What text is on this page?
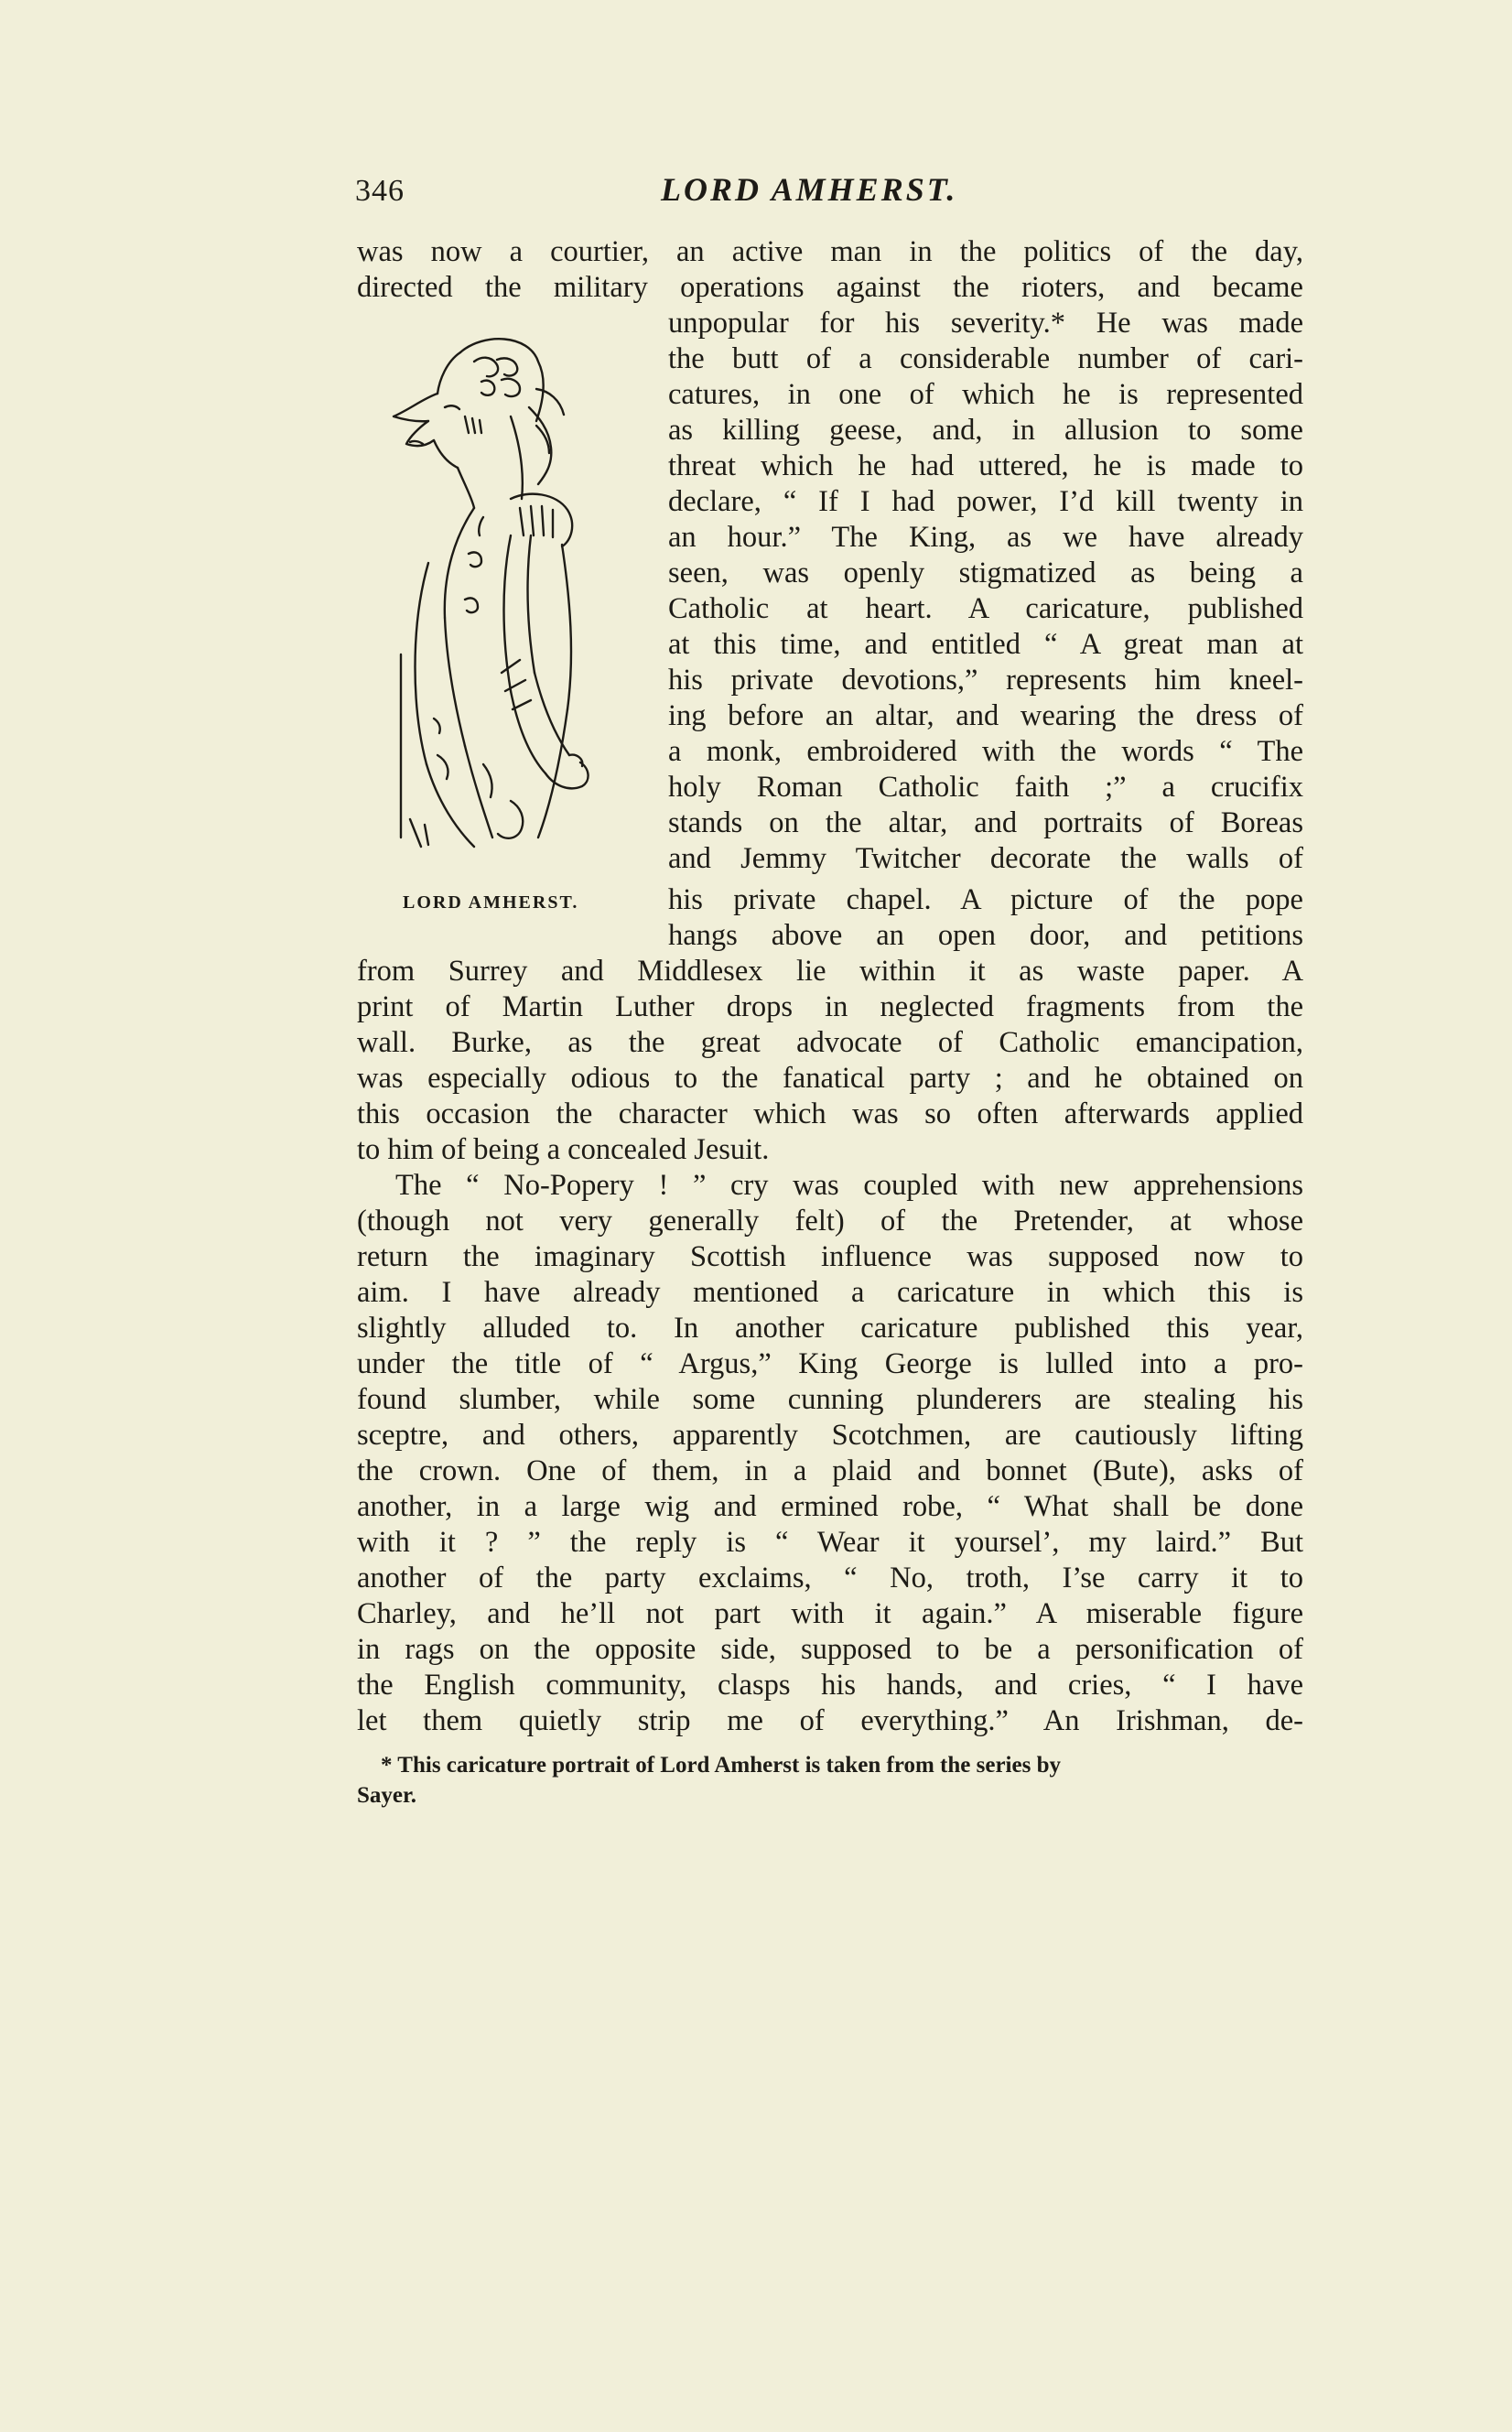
346	LORD AMHERST.
LORD AMHERST.
was now a courtier, an active man in the politics of the day,
directed the military operations against the rioters, and became
unpopular for his severity.* He was made
the butt of a considerable number of cari-
catures, in one of which he is represented
as killing geese, and, in allusion to some
threat which he had uttered, he is made to
declare, “ If I had power, I’d kill twenty in
an hour.” The King, as we have already
seen, was openly stigmatized as being a
Catholic at heart. A caricature, published
at this time, and entitled “ A great man at
his private devotions,” represents him kneel-
ing before an altar, and wearing the dress of
a monk, embroidered with the words “ The
holy Roman Catholic faith ;” a crucifix
stands on the altar, and portraits of Boreas
and Jemmy Twitcher decorate the walls of
his private chapel. A picture of the pope
hangs above an open door, and petitions
from Surrey and Middlesex lie within it as waste paper. A
print of Martin Luther drops in neglected fragments from the
wall. Burke, as the great advocate of Catholic emancipation,
was especially odious to the fanatical party ; and he obtained on
this occasion the character which was so often afterwards applied
to him of being a concealed Jesuit.
The “ No-Popery ! ” cry was coupled with new apprehensions
(though not very generally felt) of the Pretender, at whose
return the imaginary Scottish influence was supposed now to
aim. I have already mentioned a caricature in which this is
slightly alluded to. In another caricature published this year,
under the title of “ Argus,” King George is lulled into a pro-
found slumber, while some cunning plunderers are stealing his
sceptre, and others, apparently Scotchmen, are cautiously lifting
the crown. One of them, in a plaid and bonnet (Bute), asks of
another, in a large wig and ermined robe, “ What shall be done
with it ? ” the reply is “ Wear it yoursel’, my laird.” But
another of the party exclaims, “ No, troth, I’se carry it to
Charley, and he’ll not part with it again.” A miserable figure
in rags on the opposite side, supposed to be a personification of
the English community, clasps his hands, and cries, “ I have
let them quietly strip me of everything.” An Irishman, de-
* This caricature portrait of Lord Amherst is taken from the series by
Sayer.
